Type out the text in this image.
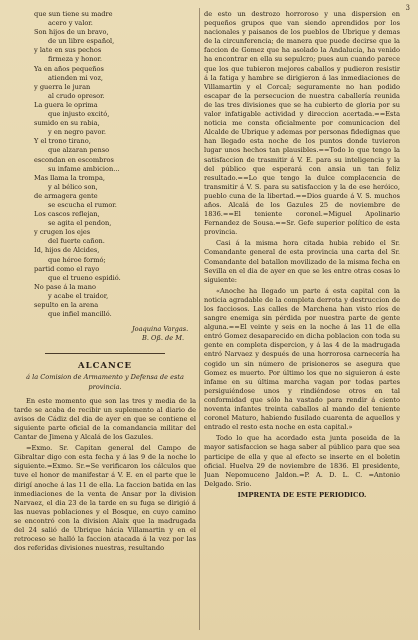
3
que sun tiene su madre
acero y valor.
Son hijos de un bravo,
de un libre español,
y late en sus pechos
firmeza y honor.
Ya en años pequeños
atienden mi voz,
y guerra le juran
al crudo opresor.
La guera le oprima
que injusto excitó,
sumido en su rabia,
y en negro pavor.
Y el trono tirano,
que alzaran penso
escondan en escombros
su infame ambicion...
Mas llama la trompa,
y al bélico son,
de armagera gente
se escucha el rumor.
Los cascos reflejan,
se agita el pendon,
y crugen los ejes
del fuerte cañon.
Id, hijos de Alcides,
que héroe formó;
partid como el rayo
que el trueno espidió.
No pase á la mano
y acabe el traidor,
sepulto en la arena
que infiel mancilló.
Joaquina Vargas.
B. Oß. de M.
ALCANCE
á la Comision de Armamento y Defensa de esta provincia.

En este momento que son las tres y media de la tarde se acaba de recibir un suplemento al diario de avisos de Cádiz del dia de ayer en que se contiene el siguiente parte oficial de la comandancia militar del Cantar de Jimena y Alcalá de los Gazules.

=Exmo. Sr. Capitan general del Campo de Gibraltar digo con esta fecha y á las 9 de la noche lo siguiente.=Exmo. Sr.=Se verificaron los cálculos que tuve el honor de manifestar á V. E. en el parte que le dirigí anoche á las 11 de ella. La faccion batida en las inmediaciones de la venta de Ansar por la division Narvaez, el dia 23 de la tarde en su fuga se dirigió á las nuevas poblaciones y el Bosque, en cuyo camino se encontró con la division Alaix que la madrugada del 24 salió de Ubrique hácia Villamartin y en el retroceso se halló la faccion atacada á la vez por las dos referidas divisiones nuestras, resultando

de esto un destrozo horroroso y una dispersion en pequeños grupos que van siendo aprendidos por los nacionales y paisanos de los pueblos de Ubrique y demas de la circunferencia; de manera que puede decirse que la faccion de Gomez que ha asolado la Andalucía, ha venido ha encontrar en ella su sepulcro; pues aun cuando parece que los que tubieron mejores caballos y pudieron resistir á la fatiga y hambre se dirigieron á las inmediaciones de Villamartin y el Corcal; seguramente no han podido escapar de la persecucion de nuestra caballería reunida de las tres divisiones que se ha cubierto de gloria por su valor infatigable actividad y direccion acertada.==Esta noticia me consta oficialmente por comunicacion del Alcalde de Ubrique y ademas por personas fidedignas que han llegado esta noche de los puntos donde tuvieron lugar unos hechos tan plausibles.==Todo lo que tengo la satisfaccion de trasmitir á V. E. para su inteligencia y la del público que esperará con ansia un tan feliz resultado.==Lo que tengo la dulce complacencia de transmitir á V. S. para su satisfaccion y la de ese heróico, pueblo cuna de la libertad.==Dios guarde á V. S. muchos años. Alcalá de los Gazules 25 de noviembre de 1836.==El teniente coronel.=Miguel Apolinario Fernandez de Sousa.==Sr. Gefe superior político de esta provincia.

Casi á la misma hora citada hubia rebido el Sr. Comandante general de esta provincia una carta del Sr. Comandante del batallon movilizado de la misma fecha en Sevilla en el dia de ayer en que se les entre otras cosas lo siguiente:

«Anoche ha llegado un parte á esta capital con la noticia agradable de la completa derrota y destruccion de los facciosos. Las calles de Marchena han visto ríos de sangre enemiga sin pérdida por nuestra parte de gente alguna.==El veinte y seis en la noche á las 11 de ella entró Gomez desaparecido en dicha poblacion con toda su gente en completa dispercion, y á las 4 de la madrugada entró Narvaez y después de una horrorosa carnecería ha cogido un sin número de prisioneros se asegura que Gomez es muerto. Por último los que no siguieron á este infame en su última marcha vagan por todas partes persiguiéndose unos y rindiéndose otros en tal conformidad que sólo ha vastado para rendir á ciento noventa infantes treinta caballos al mando del teniente coronel Maturo, habiendo fusilado cuarenta de aquellos y entrado el resto esta noche en esta capital.»

Todo lo que ha acordado esta junta poseida de la mayor satisfaccion se haga saber al público para que sea participe de ella y que al efecto se inserte en el boletin oficial. Huelva 29 de noviembre de 1836. El presidente, Juan Nepomuceno Jaldon.=P. A. D. L. C. =Antonio Delgado. Srio.

IMPRENTA DE ESTE PERIODICO.
